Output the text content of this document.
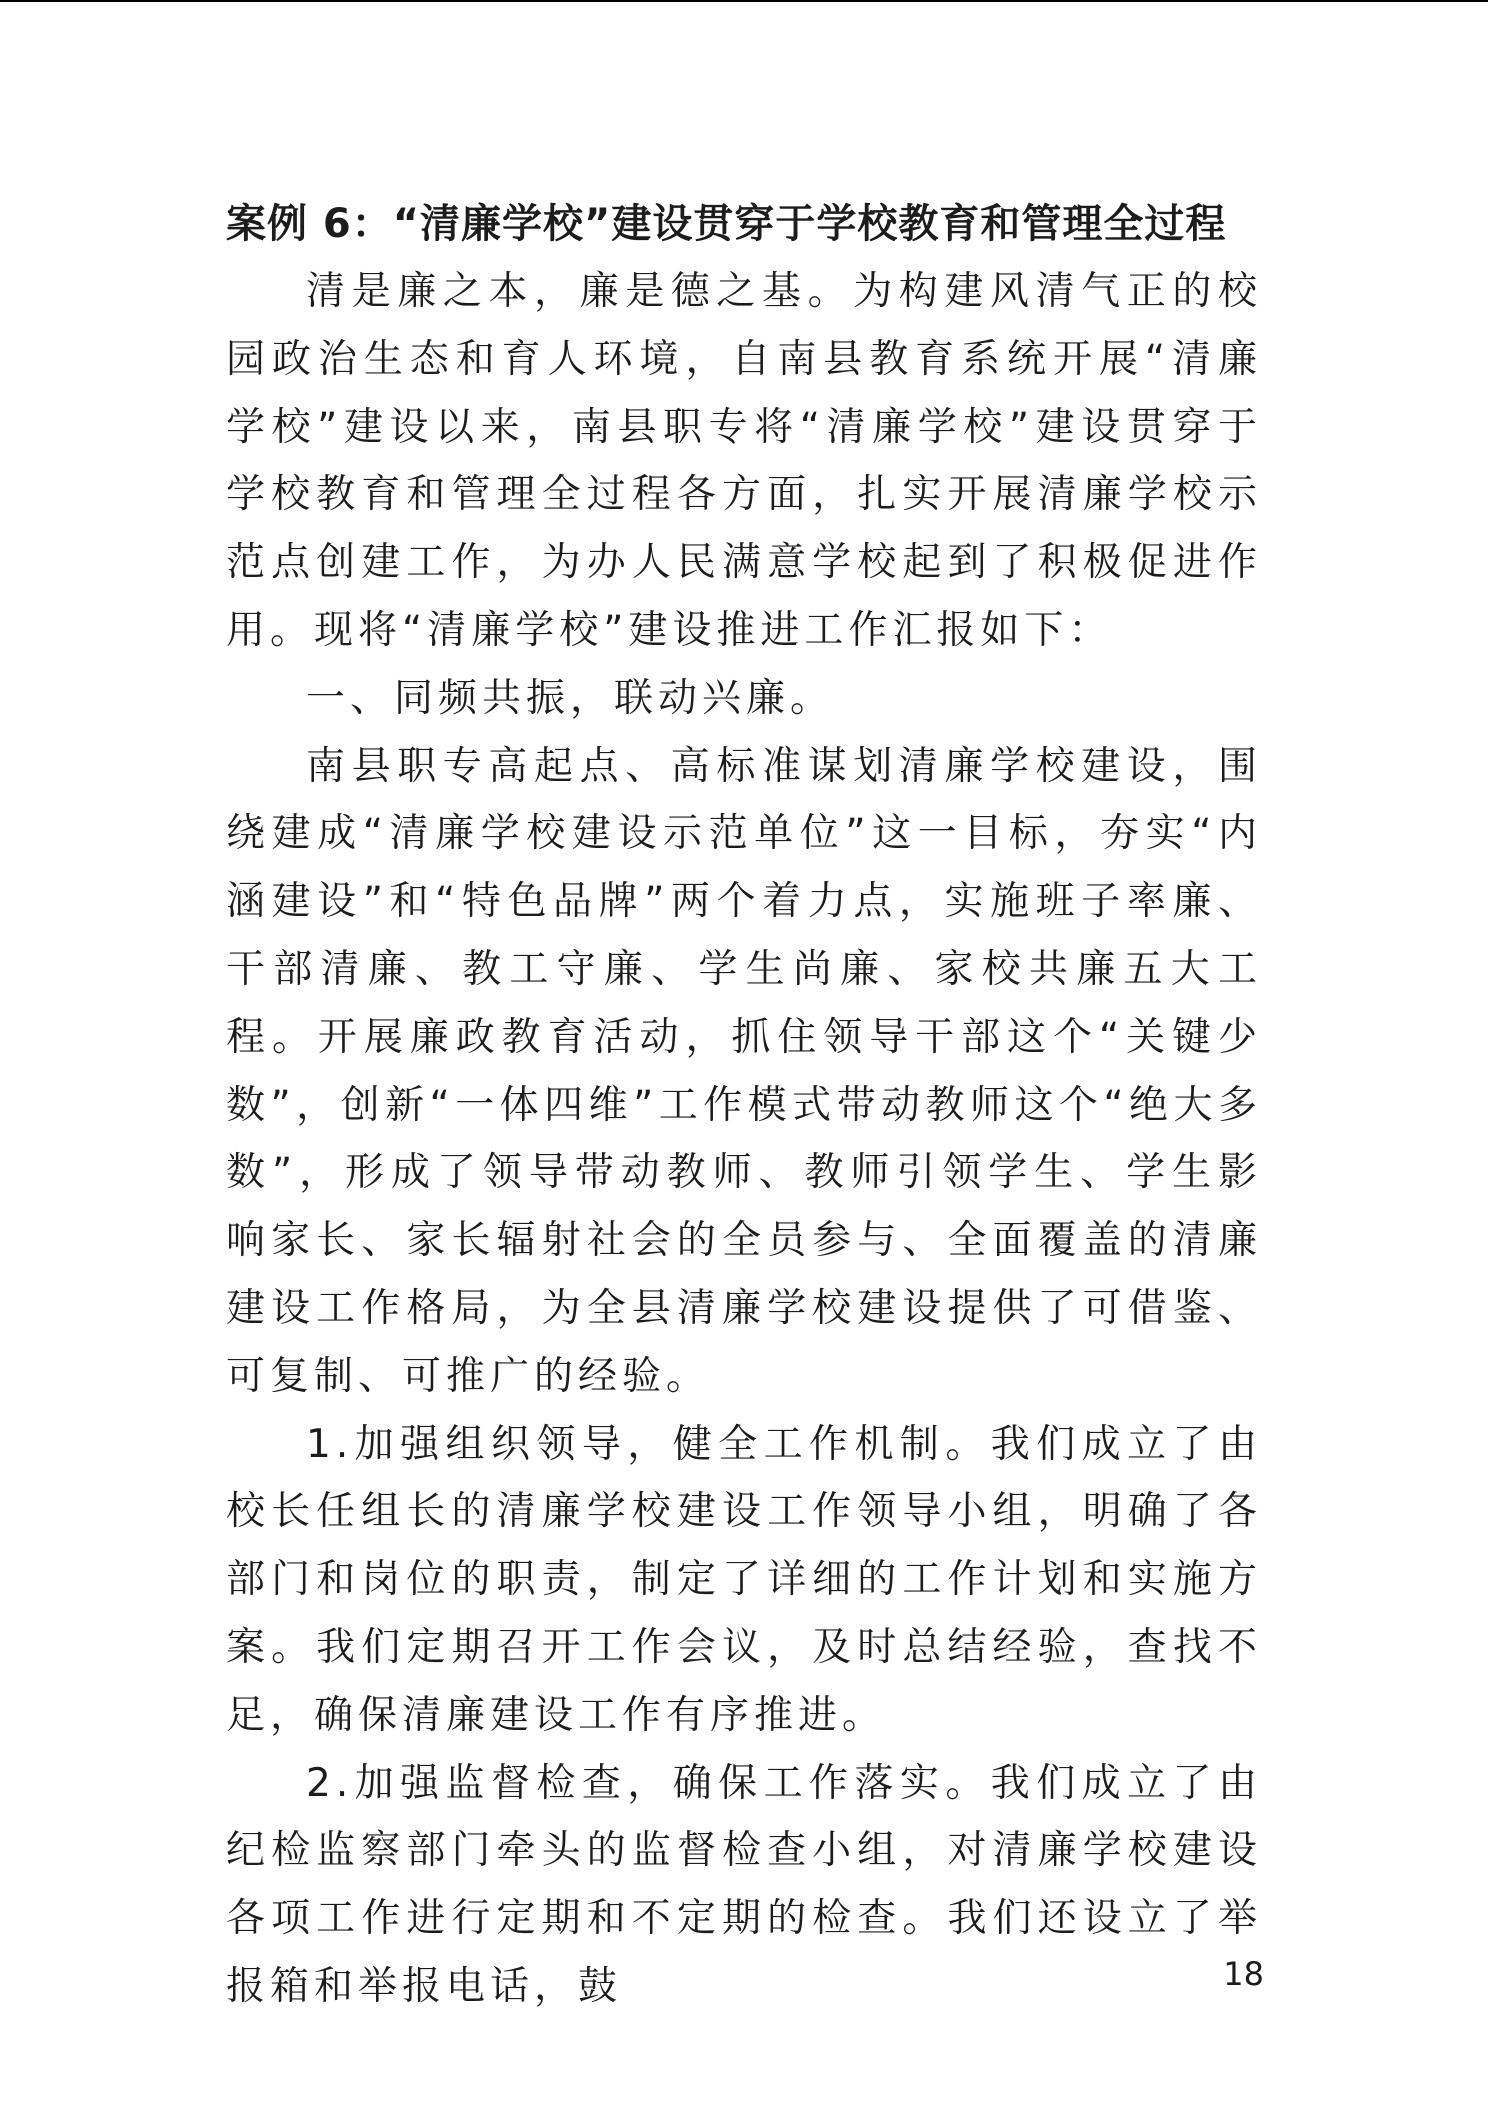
案例 6：“清廉学校”建设贯穿于学校教育和管理全过程

清是廉之本，廉是德之基。为构建风清气正的校园政治生态和育人环境，自南县教育系统开展“清廉学校”建设以来，南县职专将“清廉学校”建设贯穿于学校教育和管理全过程各方面，扎实开展清廉学校示范点创建工作，为办人民满意学校起到了积极促进作用。现将“清廉学校”建设推进工作汇报如下：

一、同频共振，联动兴廉。

南县职专高起点、高标准谋划清廉学校建设，围绕建成“清廉学校建设示范单位”这一目标，夯实“内涵建设”和“特色品牌”两个着力点，实施班子率廉、干部清廉、教工守廉、学生尚廉、家校共廉五大工程。开展廉政教育活动，抓住领导干部这个“关键少数”，创新“一体四维”工作模式带动教师这个“绝大多数”，形成了领导带动教师、教师引领学生、学生影响家长、家长辐射社会的全员参与、全面覆盖的清廉建设工作格局，为全县清廉学校建设提供了可借鉴、可复制、可推广的经验。

1.加强组织领导，健全工作机制。我们成立了由校长任组长的清廉学校建设工作领导小组，明确了各部门和岗位的职责，制定了详细的工作计划和实施方案。我们定期召开工作会议，及时总结经验，查找不足，确保清廉建设工作有序推进。

2.加强监督检查，确保工作落实。我们成立了由纪检监察部门牵头的监督检查小组，对清廉学校建设各项工作进行定期和不定期的检查。我们还设立了举报箱和举报电话，鼓	18
